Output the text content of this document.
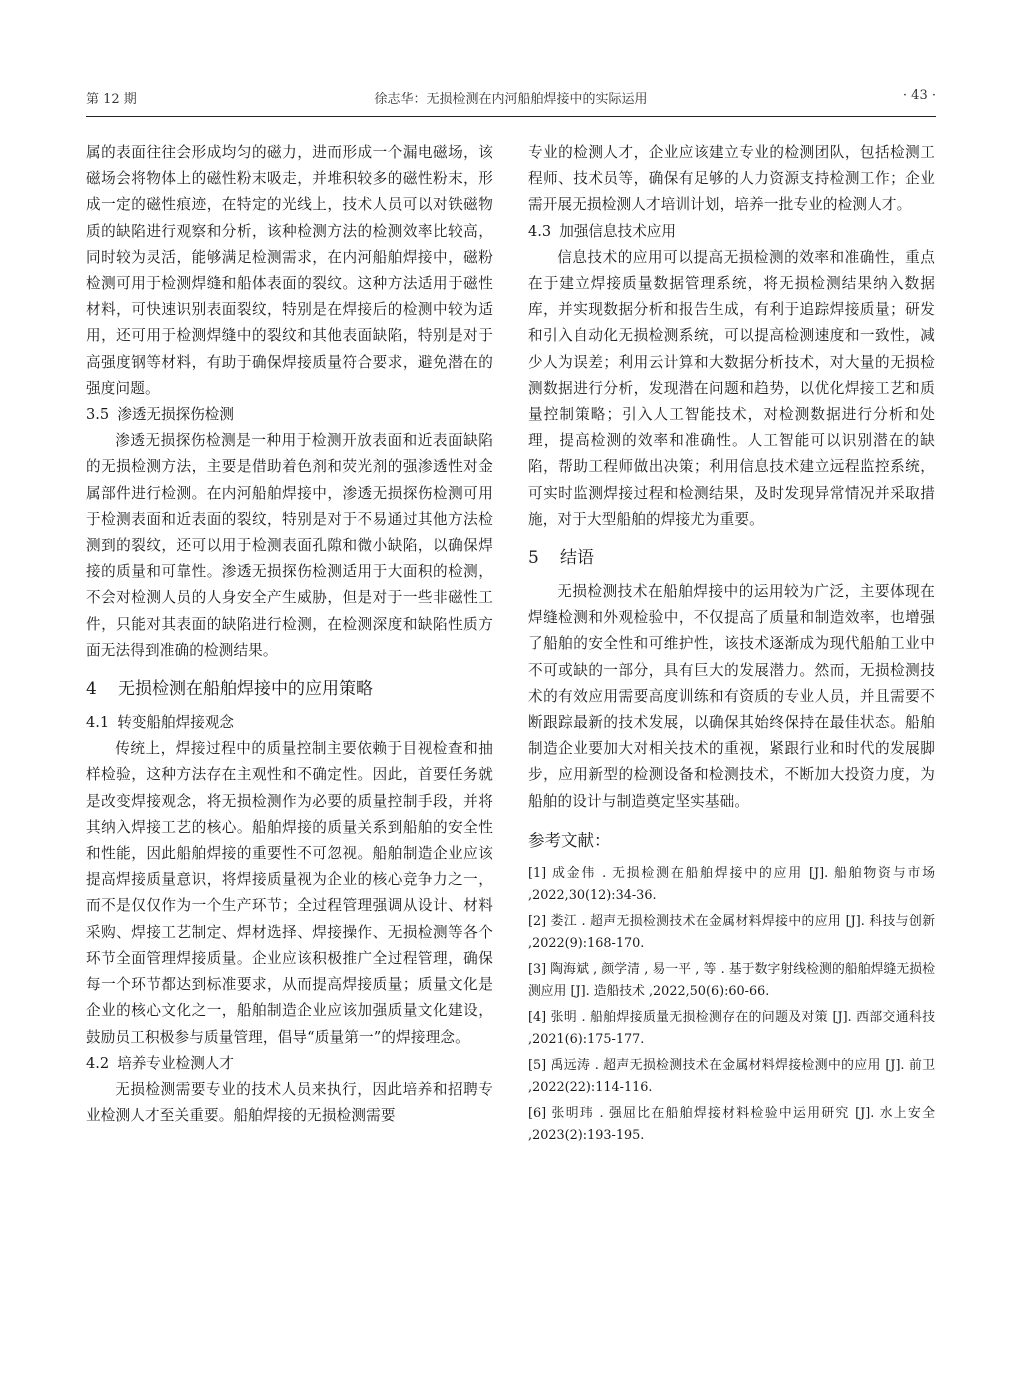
第 12 期	徐志华：无损检测在内河船舶焊接中的实际运用	· 43 ·

属的表面往往会形成均匀的磁力，进而形成一个漏电磁场，该磁场会将物体上的磁性粉末吸走，并堆积较多的磁性粉末，形成一定的磁性痕迹，在特定的光线上，技术人员可以对铁磁物质的缺陷进行观察和分析，该种检测方法的检测效率比较高，同时较为灵活，能够满足检测需求，在内河船舶焊接中，磁粉检测可用于检测焊缝和船体表面的裂纹。这种方法适用于磁性材料，可快速识别表面裂纹，特别是在焊接后的检测中较为适用，还可用于检测焊缝中的裂纹和其他表面缺陷，特别是对于高强度钢等材料，有助于确保焊接质量符合要求，避免潜在的强度问题。

3.5 渗透无损探伤检测

渗透无损探伤检测是一种用于检测开放表面和近表面缺陷的无损检测方法，主要是借助着色剂和荧光剂的强渗透性对金属部件进行检测。在内河船舶焊接中，渗透无损探伤检测可用于检测表面和近表面的裂纹，特别是对于不易通过其他方法检测到的裂纹，还可以用于检测表面孔隙和微小缺陷，以确保焊接的质量和可靠性。渗透无损探伤检测适用于大面积的检测，不会对检测人员的人身安全产生威胁，但是对于一些非磁性工件，只能对其表面的缺陷进行检测，在检测深度和缺陷性质方面无法得到准确的检测结果。

4 无损检测在船舶焊接中的应用策略
4.1 转变船舶焊接观念

传统上，焊接过程中的质量控制主要依赖于目视检查和抽样检验，这种方法存在主观性和不确定性。因此，首要任务就是改变焊接观念，将无损检测作为必要的质量控制手段，并将其纳入焊接工艺的核心。船舶焊接的质量关系到船舶的安全性和性能，因此船舶焊接的重要性不可忽视。船舶制造企业应该提高焊接质量意识，将焊接质量视为企业的核心竞争力之一，而不是仅仅作为一个生产环节；全过程管理强调从设计、材料采购、焊接工艺制定、焊材选择、焊接操作、无损检测等各个环节全面管理焊接质量。企业应该积极推广全过程管理，确保每一个环节都达到标准要求，从而提高焊接质量；质量文化是企业的核心文化之一，船舶制造企业应该加强质量文化建设，鼓励员工积极参与质量管理，倡导“质量第一”的焊接理念。

4.2 培养专业检测人才

无损检测需要专业的技术人员来执行，因此培养和招聘专业检测人才至关重要。船舶焊接的无损检测需要

专业的检测人才，企业应该建立专业的检测团队，包括检测工程师、技术员等，确保有足够的人力资源支持检测工作；企业需开展无损检测人才培训计划，培养一批专业的检测人才。

4.3 加强信息技术应用

信息技术的应用可以提高无损检测的效率和准确性，重点在于建立焊接质量数据管理系统，将无损检测结果纳入数据库，并实现数据分析和报告生成，有利于追踪焊接质量；研发和引入自动化无损检测系统，可以提高检测速度和一致性，减少人为误差；利用云计算和大数据分析技术，对大量的无损检测数据进行分析，发现潜在问题和趋势，以优化焊接工艺和质量控制策略；引入人工智能技术，对检测数据进行分析和处理，提高检测的效率和准确性。人工智能可以识别潜在的缺陷，帮助工程师做出决策；利用信息技术建立远程监控系统，可实时监测焊接过程和检测结果，及时发现异常情况并采取措施，对于大型船舶的焊接尤为重要。

5 结语

无损检测技术在船舶焊接中的运用较为广泛，主要体现在焊缝检测和外观检验中，不仅提高了质量和制造效率，也增强了船舶的安全性和可维护性，该技术逐渐成为现代船舶工业中不可或缺的一部分，具有巨大的发展潜力。然而，无损检测技术的有效应用需要高度训练和有资质的专业人员，并且需要不断跟踪最新的技术发展，以确保其始终保持在最佳状态。船舶制造企业要加大对相关技术的重视，紧跟行业和时代的发展脚步，应用新型的检测设备和检测技术，不断加大投资力度，为船舶的设计与制造奠定坚实基础。

参考文献：

[1] 成金伟 . 无损检测在船舶焊接中的应用 [J]. 船舶物资与市场 ,2022,30(12):34-36.

[2] 娄江 . 超声无损检测技术在金属材料焊接中的应用 [J]. 科技与创新 ,2022(9):168-170.

[3] 陶海斌 , 颜学清 , 易一平 , 等 . 基于数字射线检测的船舶焊缝无损检测应用 [J]. 造船技术 ,2022,50(6):60-66.

[4] 张明 . 船舶焊接质量无损检测存在的问题及对策 [J]. 西部交通科技 ,2021(6):175-177.

[5] 禹远涛 . 超声无损检测技术在金属材料焊接检测中的应用 [J]. 前卫 ,2022(22):114-116.

[6] 张明玮 . 强屈比在船舶焊接材料检验中运用研究 [J]. 水上安全 ,2023(2):193-195.
